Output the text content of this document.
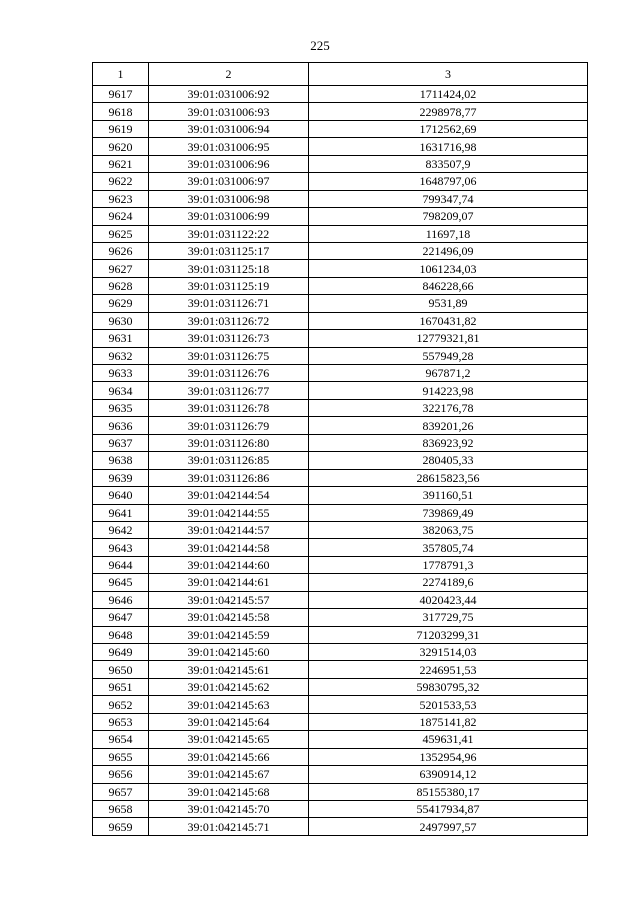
225
1	2	3
9617	39:01:031006:92	1711424,02
9618	39:01:031006:93	2298978,77
9619	39:01:031006:94	1712562,69
9620	39:01:031006:95	1631716,98
9621	39:01:031006:96	833507,9
9622	39:01:031006:97	1648797,06
9623	39:01:031006:98	799347,74
9624	39:01:031006:99	798209,07
9625	39:01:031122:22	11697,18
9626	39:01:031125:17	221496,09
9627	39:01:031125:18	1061234,03
9628	39:01:031125:19	846228,66
9629	39:01:031126:71	9531,89
9630	39:01:031126:72	1670431,82
9631	39:01:031126:73	12779321,81
9632	39:01:031126:75	557949,28
9633	39:01:031126:76	967871,2
9634	39:01:031126:77	914223,98
9635	39:01:031126:78	322176,78
9636	39:01:031126:79	839201,26
9637	39:01:031126:80	836923,92
9638	39:01:031126:85	280405,33
9639	39:01:031126:86	28615823,56
9640	39:01:042144:54	391160,51
9641	39:01:042144:55	739869,49
9642	39:01:042144:57	382063,75
9643	39:01:042144:58	357805,74
9644	39:01:042144:60	1778791,3
9645	39:01:042144:61	2274189,6
9646	39:01:042145:57	4020423,44
9647	39:01:042145:58	317729,75
9648	39:01:042145:59	71203299,31
9649	39:01:042145:60	3291514,03
9650	39:01:042145:61	2246951,53
9651	39:01:042145:62	59830795,32
9652	39:01:042145:63	5201533,53
9653	39:01:042145:64	1875141,82
9654	39:01:042145:65	459631,41
9655	39:01:042145:66	1352954,96
9656	39:01:042145:67	6390914,12
9657	39:01:042145:68	85155380,17
9658	39:01:042145:70	55417934,87
9659	39:01:042145:71	2497997,57
